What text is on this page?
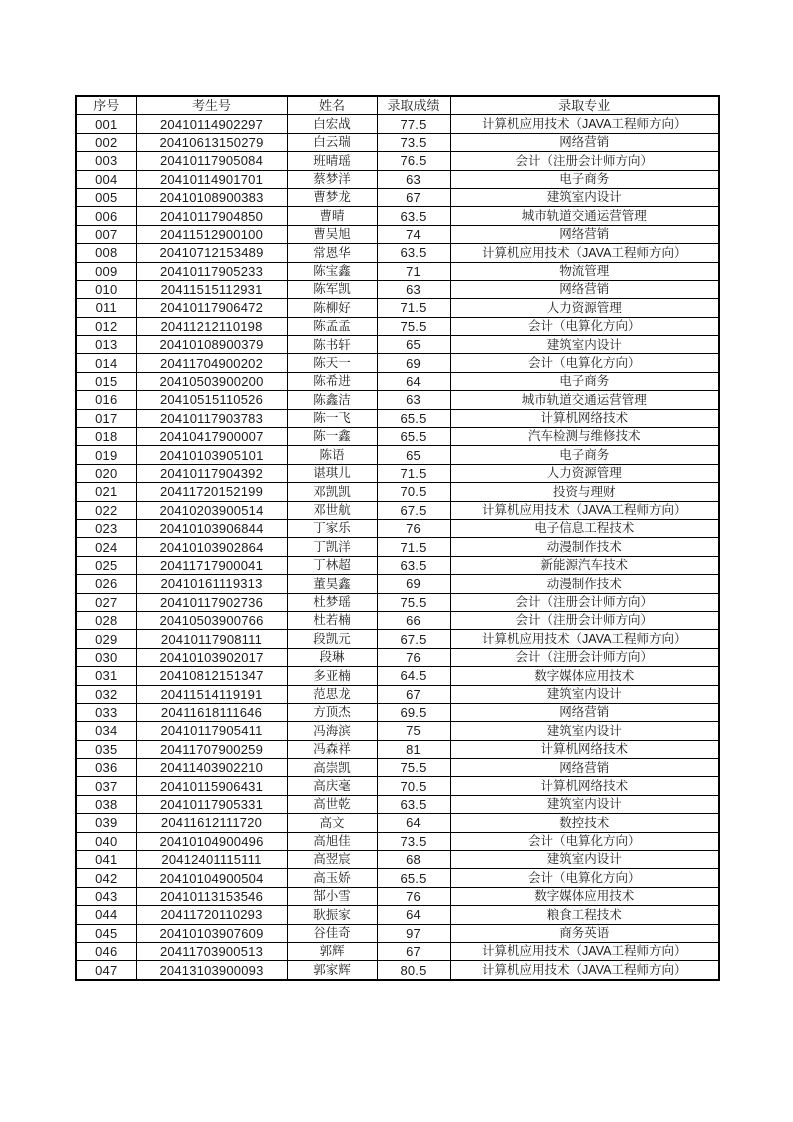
序号	考生号	姓名	录取成绩	录取专业
001	20410114902297	白宏战	77.5	计算机应用技术（JAVA工程师方向）
002	20410613150279	白云瑞	73.5	网络营销
003	20410117905084	班晴瑶	76.5	会计（注册会计师方向）
004	20410114901701	蔡梦洋	63	电子商务
005	20410108900383	曹梦龙	67	建筑室内设计
006	20410117904850	曹晴	63.5	城市轨道交通运营管理
007	20411512900100	曹吴旭	74	网络营销
008	20410712153489	常恩华	63.5	计算机应用技术（JAVA工程师方向）
009	20410117905233	陈宝鑫	71	物流管理
010	20411515112931	陈军凯	63	网络营销
011	20410117906472	陈柳好	71.5	人力资源管理
012	20411212110198	陈孟孟	75.5	会计（电算化方向）
013	20410108900379	陈书轩	65	建筑室内设计
014	20411704900202	陈天一	69	会计（电算化方向）
015	20410503900200	陈希进	64	电子商务
016	20410515110526	陈鑫洁	63	城市轨道交通运营管理
017	20410117903783	陈一飞	65.5	计算机网络技术
018	20410417900007	陈一鑫	65.5	汽车检测与维修技术
019	20410103905101	陈语	65	电子商务
020	20410117904392	谌琪儿	71.5	人力资源管理
021	20411720152199	邓凯凯	70.5	投资与理财
022	20410203900514	邓世航	67.5	计算机应用技术（JAVA工程师方向）
023	20410103906844	丁家乐	76	电子信息工程技术
024	20410103902864	丁凯洋	71.5	动漫制作技术
025	20411717900041	丁林超	63.5	新能源汽车技术
026	20410161119313	董昊鑫	69	动漫制作技术
027	20410117902736	杜梦瑶	75.5	会计（注册会计师方向）
028	20410503900766	杜若楠	66	会计（注册会计师方向）
029	20410117908111	段凯元	67.5	计算机应用技术（JAVA工程师方向）
030	20410103902017	段琳	76	会计（注册会计师方向）
031	20410812151347	多亚楠	64.5	数字媒体应用技术
032	20411514119191	范思龙	67	建筑室内设计
033	20411618111646	方顶杰	69.5	网络营销
034	20410117905411	冯海滨	75	建筑室内设计
035	20411707900259	冯森祥	81	计算机网络技术
036	20411403902210	高崇凯	75.5	网络营销
037	20410115906431	高庆毫	70.5	计算机网络技术
038	20410117905331	高世乾	63.5	建筑室内设计
039	20411612111720	高文	64	数控技术
040	20410104900496	高旭佳	73.5	会计（电算化方向）
041	20412401115111	高翌宸	68	建筑室内设计
042	20410104900504	高玉娇	65.5	会计（电算化方向）
043	20410113153546	郜小雪	76	数字媒体应用技术
044	20411720110293	耿振家	64	粮食工程技术
045	20410103907609	谷佳奇	97	商务英语
046	20411703900513	郭辉	67	计算机应用技术（JAVA工程师方向）
047	20413103900093	郭家辉	80.5	计算机应用技术（JAVA工程师方向）
